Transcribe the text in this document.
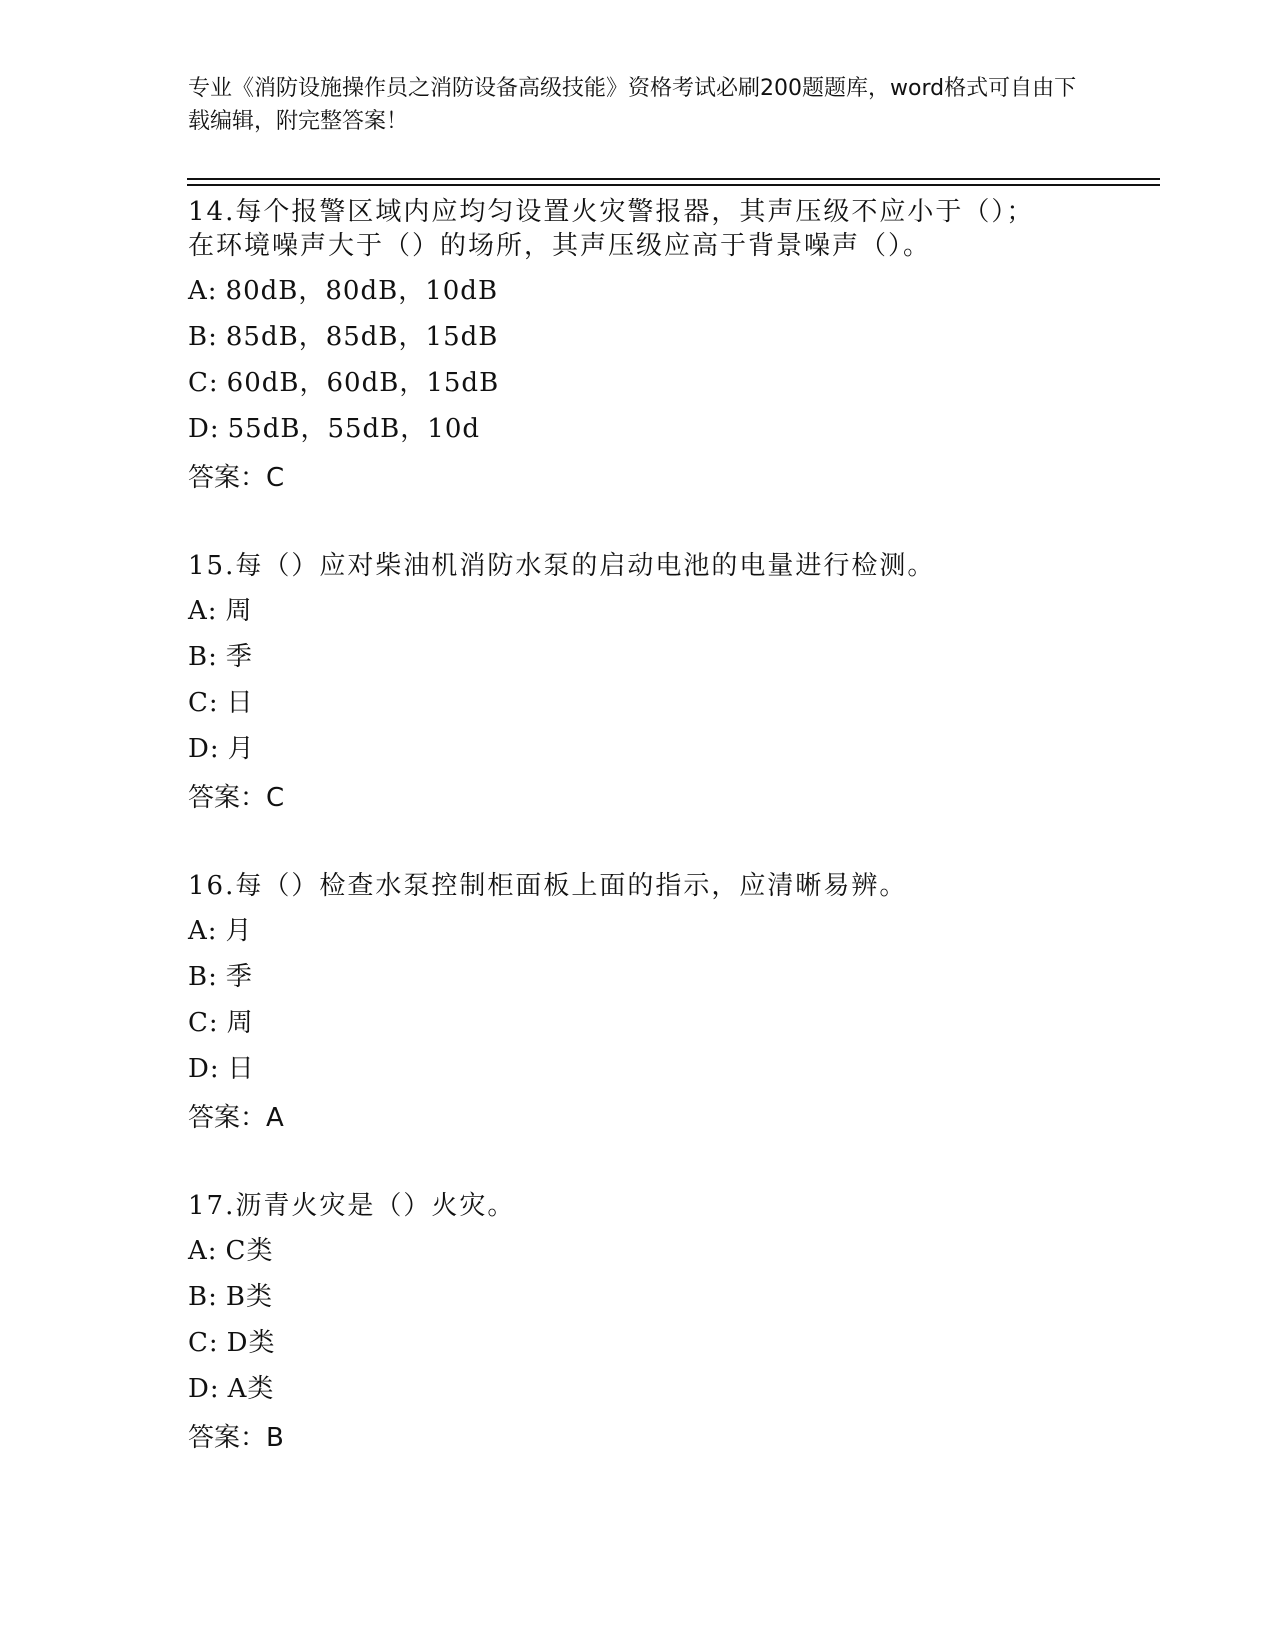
专业《消防设施操作员之消防设备高级技能》资格考试必刷200题题库，word格式可自由下载编辑，附完整答案！

14.每个报警区域内应均匀设置火灾警报器，其声压级不应小于（）；
在环境噪声大于（）的场所，其声压级应高于背景噪声（）。

A : 80dB，80dB，10dB
B : 85dB，85dB，15dB
C : 60dB，60dB，15dB
D : 55dB，55dB，10d
答案：C

15.每（）应对柴油机消防水泵的启动电池的电量进行检测。

A : 周
B : 季
C : 日
D : 月
答案：C

16.每（）检查水泵控制柜面板上面的指示，应清晰易辨。

A : 月
B : 季
C : 周
D : 日
答案：A

17.沥青火灾是（）火灾。

A : C类
B : B类
C : D类
D : A类
答案：B
